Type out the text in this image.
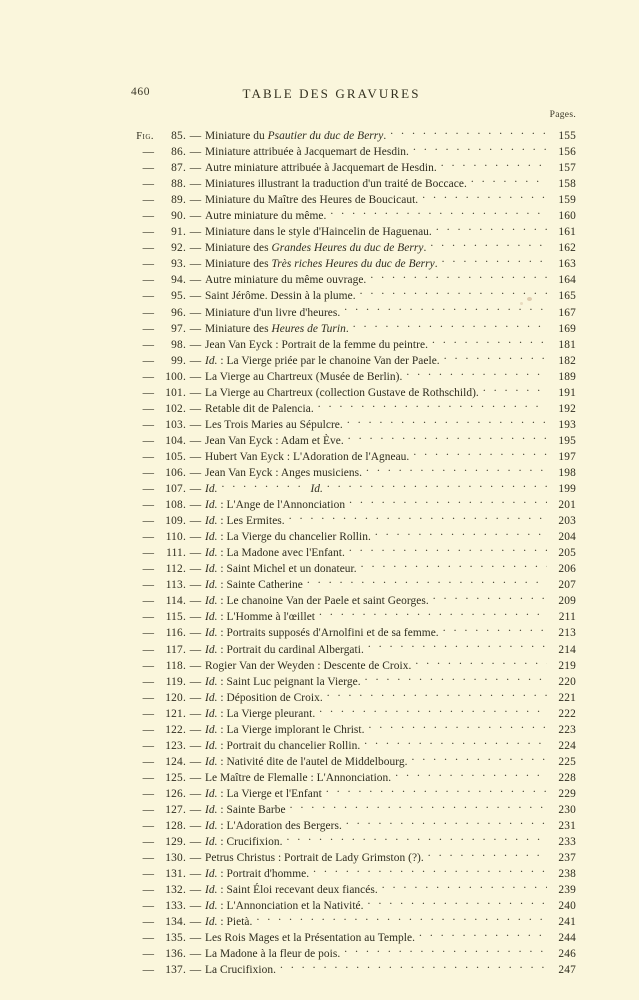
460	TABLE DES GRAVURES
Pages.
Fig.	85. — Miniature du Psautier du duc de Berry. . . .	155
—	86. — Miniature attribuée à Jacquemart de Hesdin. . . .	156
—	87. — Autre miniature attribuée à Jacquemart de Hesdin. . . .	157
—	88. — Miniatures illustrant la traduction d'un traité de Boccace. . . .	158
—	89. — Miniature du Maître des Heures de Boucicaut. . . .	159
—	90. — Autre miniature du même. . . .	160
—	91. — Miniature dans le style d'Haincelin de Haguenau. . . .	161
—	92. — Miniature des Grandes Heures du duc de Berry. . . .	162
—	93. — Miniature des Très riches Heures du duc de Berry. . . .	163
—	94. — Autre miniature du même ouvrage. . . .	164
—	95. — Saint Jérôme. Dessin à la plume. . . .	165
—	96. — Miniature d'un livre d'heures. . . .	167
—	97. — Miniature des Heures de Turin. . . .	169
—	98. — Jean Van Eyck : Portrait de la femme du peintre. . . .	181
—	99. — Id. : La Vierge priée par le chanoine Van der Paele. . . .	182
— 100. — La Vierge au Chartreux (Musée de Berlin). . . .	189
— 101. — La Vierge au Chartreux (collection Gustave de Rothschild). . . .	191
— 102. — Retable dit de Palencia. . . .	192
— 103. — Les Trois Maries au Sépulcre. . . .	193
— 104. — Jean Van Eyck : Adam et Ève. . . .	195
— 105. — Hubert Van Eyck : L'Adoration de l'Agneau. . . .	197
— 106. — Jean Van Eyck : Anges musiciens. . . .	198
— 107. — Id. . . .	Id. . . .	199
— 108. — Id. : L'Ange de l'Annonciation . . .	201
— 109. — Id. : Les Ermites. . . .	203
—	110. — Id. : La Vierge du chancelier Rollin. . . .	204
—	111. — Id. : La Madone avec l'Enfant. . . .	205
—	112. — Id. : Saint Michel et un donateur. . . .	206
—	113. — Id. : Sainte Catherine . . .	207
—	114. — Id. : Le chanoine Van der Paele et saint Georges. . . .	209
—	115. — Id. : L'Homme à l'œillet . . .	211
—	116. — Id. : Portraits supposés d'Arnolfini et de sa femme. . . .	213
—	117. — Id. : Portrait du cardinal Albergati. . . .	214
—	118. — Rogier Van der Weyden : Descente de Croix. . . .	219
—	119. — Id. : Saint Luc peignant la Vierge. . . .	220
— 120. — Id. : Déposition de Croix. . . .	221
— 121. — Id. : La Vierge pleurant. . . .	222
— 122. — Id. : La Vierge implorant le Christ. . . .	223
— 123. — Id. : Portrait du chancelier Rollin. . . .	224
— 124. — Id. : Nativité dite de l'autel de Middelbourg. . . .	225
— 125. — Le Maître de Flemalle : L'Annonciation. . . .	228
— 126. — Id. : La Vierge et l'Enfant . . .	229
— 127. — Id. : Sainte Barbe . . .	230
— 128. — Id. : L'Adoration des Bergers. . . .	231
— 129. — Id. : Crucifixion. . . .	233
— 130. — Petrus Christus : Portrait de Lady Grimston (?). . . .	237
— 131. — Id. : Portrait d'homme. . . .	238
— 132. — Id. : Saint Éloi recevant deux fiancés. . . .	239
— 133. — Id. : L'Annonciation et la Nativité. . . .	240
— 134. — Id. : Pietà. . . .	241
— 135. — Les Rois Mages et la Présentation au Temple. . . .	244
— 136. — La Madone à la fleur de pois. . . .	246
— 137. — La Crucifixion. . . .	247
